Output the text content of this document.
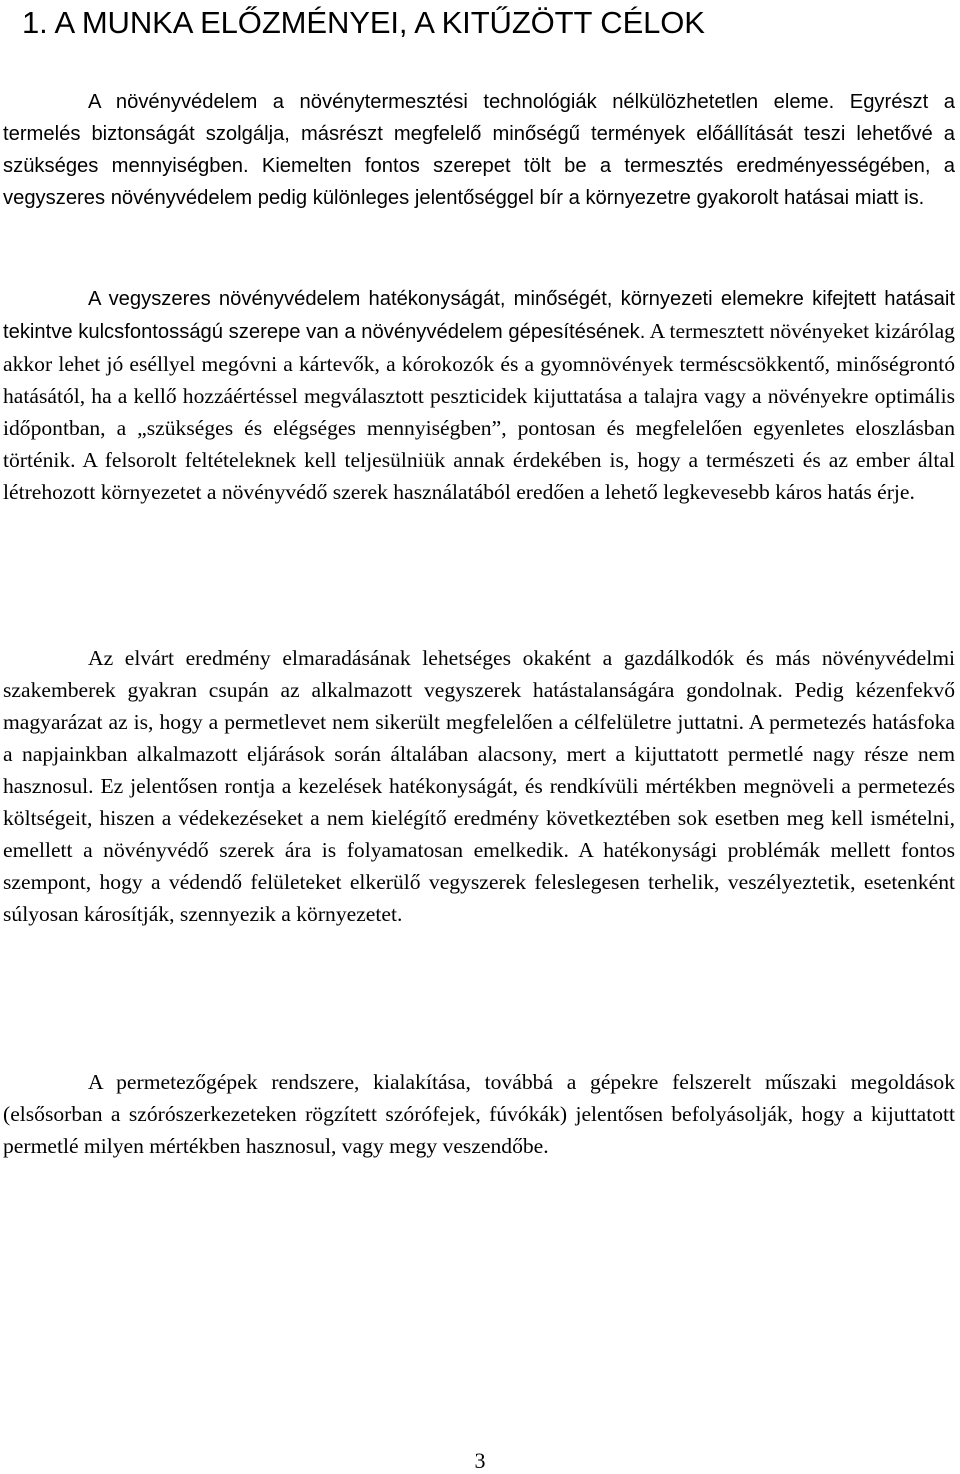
1. A MUNKA ELŐZMÉNYEI, A KITŰZÖTT CÉLOK

A növényvédelem a növénytermesztési technológiák nélkülözhetetlen eleme. Egyrészt a termelés biztonságát szolgálja, másrészt megfelelő minőségű termények előállítását teszi lehetővé a szükséges mennyiségben. Kiemelten fontos szerepet tölt be a termesztés eredményességében, a vegyszeres növényvédelem pedig különleges jelentőséggel bír a környezetre gyakorolt hatásai miatt is.

A vegyszeres növényvédelem hatékonyságát, minőségét, környezeti elemekre kifejtett hatásait tekintve kulcsfontosságú szerepe van a növényvédelem gépesítésének. A termesztett növényeket kizárólag akkor lehet jó eséllyel megóvni a kártevők, a kórokozók és a gyomnövények terméscsökkentő, minőségrontó hatásától, ha a kellő hozzáértéssel megválasztott peszticidek kijuttatása a talajra vagy a növényekre optimális időpontban, a „szükséges és elégséges mennyiségben”, pontosan és megfelelően egyenletes eloszlásban történik. A felsorolt feltételeknek kell teljesülniük annak érdekében is, hogy a természeti és az ember által létrehozott környezetet a növényvédő szerek használatából eredően a lehető legkevesebb káros hatás érje.

Az elvárt eredmény elmaradásának lehetséges okaként a gazdálkodók és más növényvédelmi szakemberek gyakran csupán az alkalmazott vegyszerek hatástalanságára gondolnak. Pedig kézenfekvő magyarázat az is, hogy a permetlevet nem sikerült megfelelően a célfelületre juttatni. A permetezés hatásfoka a napjainkban alkalmazott eljárások során általában alacsony, mert a kijuttatott permetlé nagy része nem hasznosul. Ez jelentősen rontja a kezelések hatékonyságát, és rendkívüli mértékben megnöveli a permetezés költségeit, hiszen a védekezéseket a nem kielégítő eredmény következtében sok esetben meg kell ismételni, emellett a növényvédő szerek ára is folyamatosan emelkedik. A hatékonysági problémák mellett fontos szempont, hogy a védendő felületeket elkerülő vegyszerek feleslegesen terhelik, veszélyeztetik, esetenként súlyosan károsítják, szennyezik a környezetet.

A permetezőgépek rendszere, kialakítása, továbbá a gépekre felszerelt műszaki megoldások (elsősorban a szórószerkezeteken rögzített szórófejek, fúvókák) jelentősen befolyásolják, hogy a kijuttatott permetlé milyen mértékben hasznosul, vagy megy veszendőbe.

3
